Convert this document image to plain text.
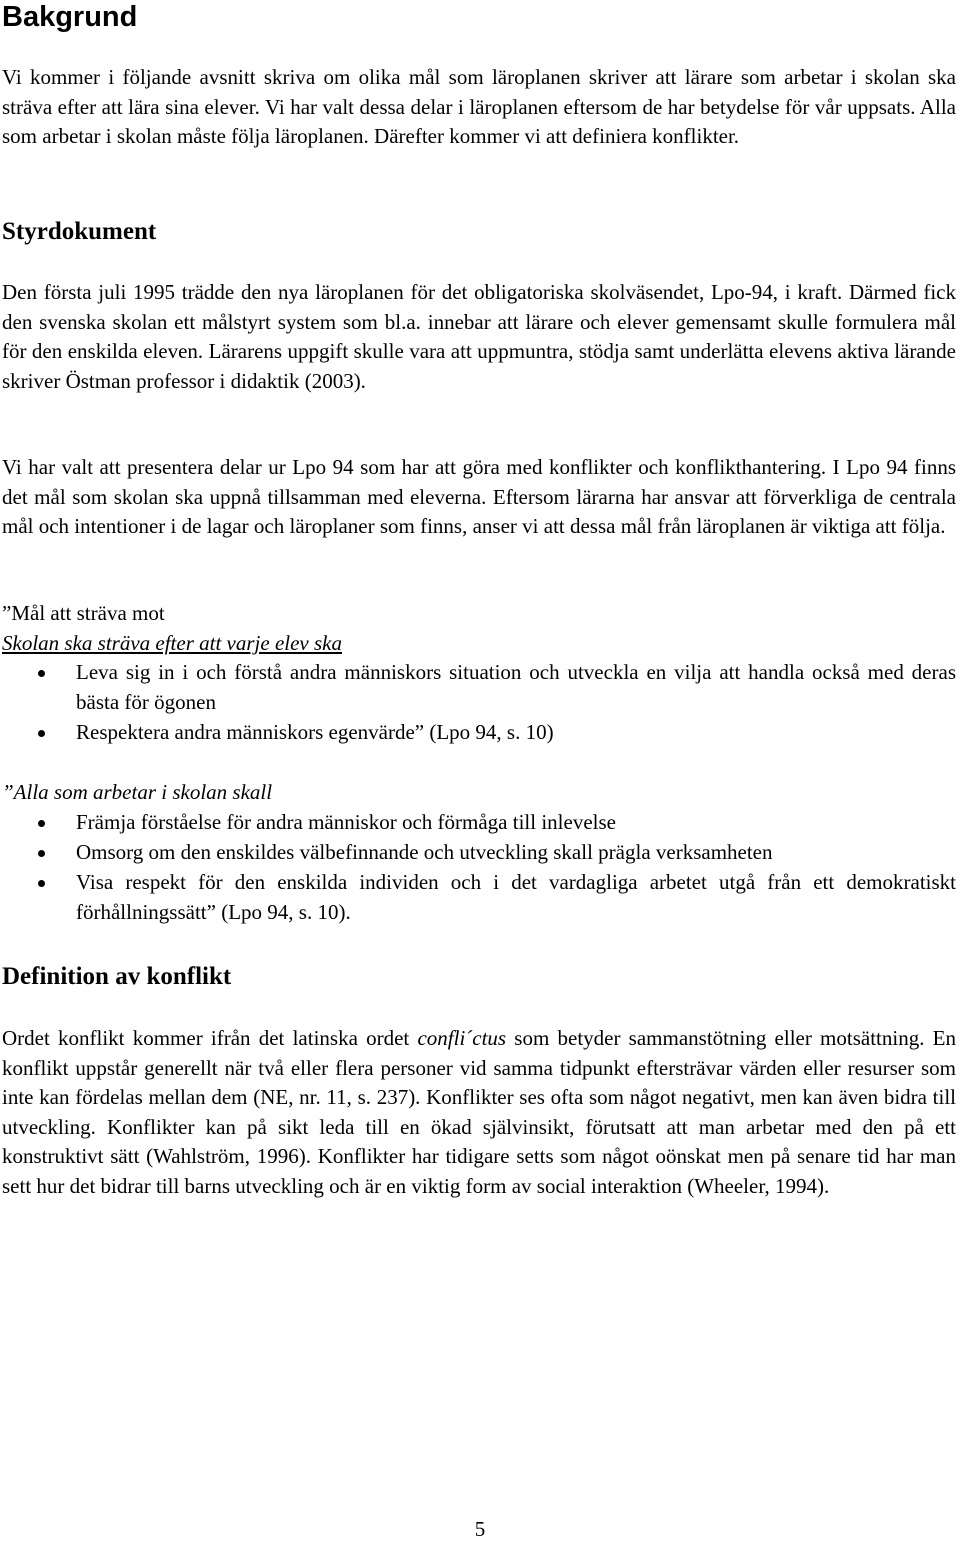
Bakgrund

Vi kommer i följande avsnitt skriva om olika mål som läroplanen skriver att lärare som arbetar i skolan ska sträva efter att lära sina elever. Vi har valt dessa delar i läroplanen eftersom de har betydelse för vår uppsats. Alla som arbetar i skolan måste följa läroplanen. Därefter kommer vi att definiera konflikter.

Styrdokument

Den första juli 1995 trädde den nya läroplanen för det obligatoriska skolväsendet, Lpo-94, i kraft. Därmed fick den svenska skolan ett målstyrt system som bl.a. innebar att lärare och elever gemensamt skulle formulera mål för den enskilda eleven. Lärarens uppgift skulle vara att uppmuntra, stödja samt underlätta elevens aktiva lärande skriver Östman professor i didaktik (2003).

Vi har valt att presentera delar ur Lpo 94 som har att göra med konflikter och konflikthantering. I Lpo 94 finns det mål som skolan ska uppnå tillsamman med eleverna. Eftersom lärarna har ansvar att förverkliga de centrala mål och intentioner i de lagar och läroplaner som finns, anser vi att dessa mål från läroplanen är viktiga att följa.

”Mål att sträva mot
Skolan ska sträva efter att varje elev ska
Leva sig in i och förstå andra människors situation och utveckla en vilja att handla också med deras bästa för ögonen
Respektera andra människors egenvärde” (Lpo 94, s. 10)
”Alla som arbetar i skolan skall
Främja förståelse för andra människor och förmåga till inlevelse
Omsorg om den enskildes välbefinnande och utveckling skall prägla verksamheten
Visa respekt för den enskilda individen och i det vardagliga arbetet utgå från ett demokratiskt förhållningssätt” (Lpo 94, s. 10).
Definition av konflikt

Ordet konflikt kommer ifrån det latinska ordet confli´ctus som betyder sammanstötning eller motsättning. En konflikt uppstår generellt när två eller flera personer vid samma tidpunkt eftersträvar värden eller resurser som inte kan fördelas mellan dem (NE, nr. 11, s. 237). Konflikter ses ofta som något negativt, men kan även bidra till utveckling. Konflikter kan på sikt leda till en ökad självinsikt, förutsatt att man arbetar med den på ett konstruktivt sätt (Wahlström, 1996). Konflikter har tidigare setts som något oönskat men på senare tid har man sett hur det bidrar till barns utveckling och är en viktig form av social interaktion (Wheeler, 1994).

5
